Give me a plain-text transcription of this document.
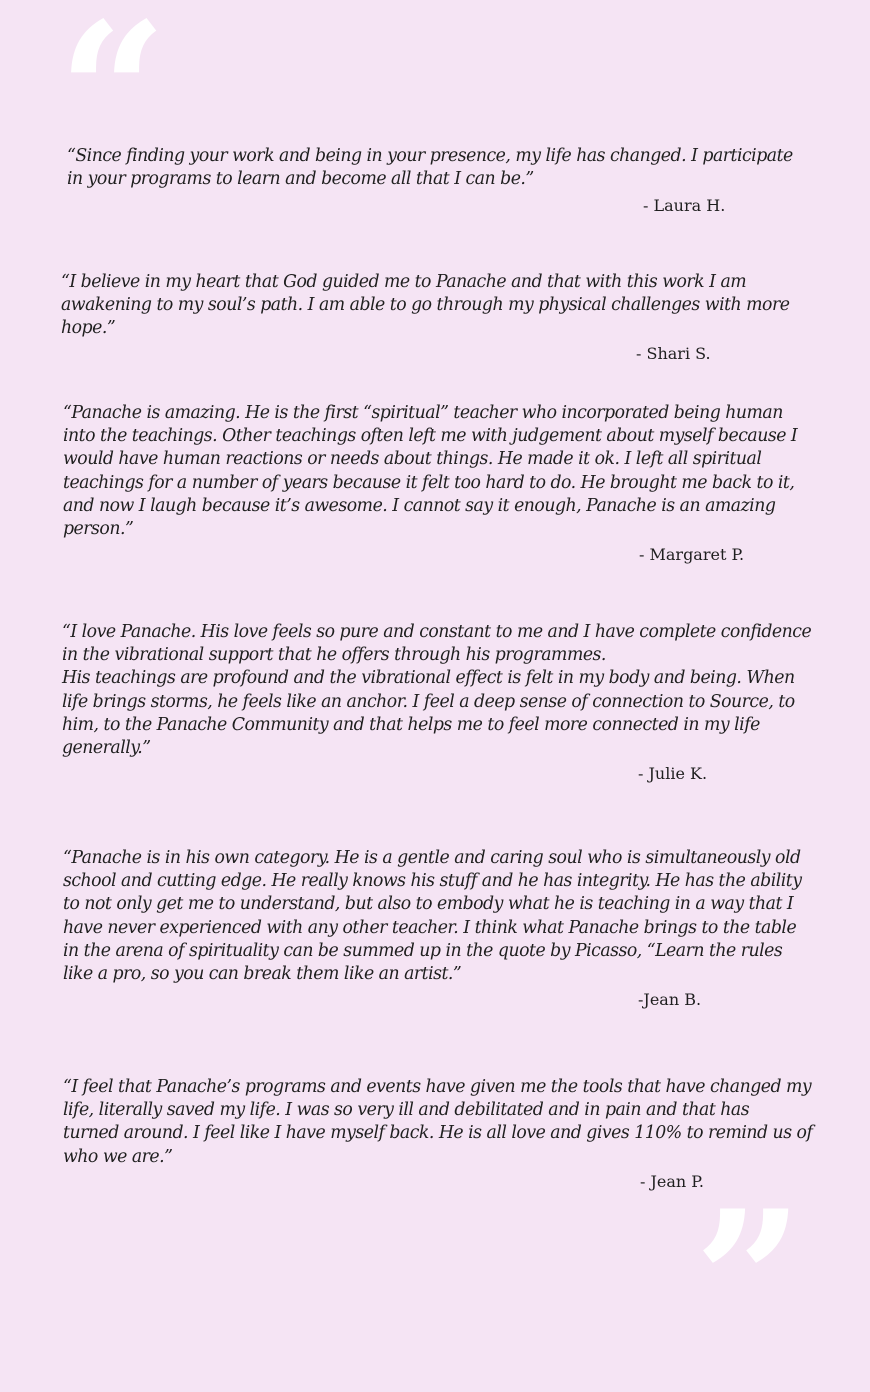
“

“Since finding your work and being in your presence, my life has changed. I participate
in your programs to learn and become all that I can be.”

- Laura H.

“I believe in my heart that God guided me to Panache and that with this work I am
awakening to my soul’s path. I am able to go through my physical challenges with more
hope.”

- Shari S.

“Panache is amazing. He is the first “spiritual” teacher who incorporated being human
into the teachings. Other teachings often left me with judgement about myself because I
would have human reactions or needs about things. He made it ok. I left all spiritual
teachings for a number of years because it felt too hard to do. He brought me back to it,
and now I laugh because it’s awesome. I cannot say it enough, Panache is an amazing
person.”

- Margaret P.

“I love Panache. His love feels so pure and constant to me and I have complete confidence
in the vibrational support that he offers through his programmes.
His teachings are profound and the vibrational effect is felt in my body and being. When
life brings storms, he feels like an anchor. I feel a deep sense of connection to Source, to
him, to the Panache Community and that helps me to feel more connected in my life
generally.”

- Julie K.

“Panache is in his own category. He is a gentle and caring soul who is simultaneously old
school and cutting edge. He really knows his stuff and he has integrity. He has the ability
to not only get me to understand, but also to embody what he is teaching in a way that I
have never experienced with any other teacher. I think what Panache brings to the table
in the arena of spirituality can be summed up in the quote by Picasso, “Learn the rules
like a pro, so you can break them like an artist.”

-Jean B.

“I feel that Panache’s programs and events have given me the tools that have changed my
life, literally saved my life. I was so very ill and debilitated and in pain and that has
turned around. I feel like I have myself back. He is all love and gives 110% to remind us of
who we are.”

- Jean P.
”
